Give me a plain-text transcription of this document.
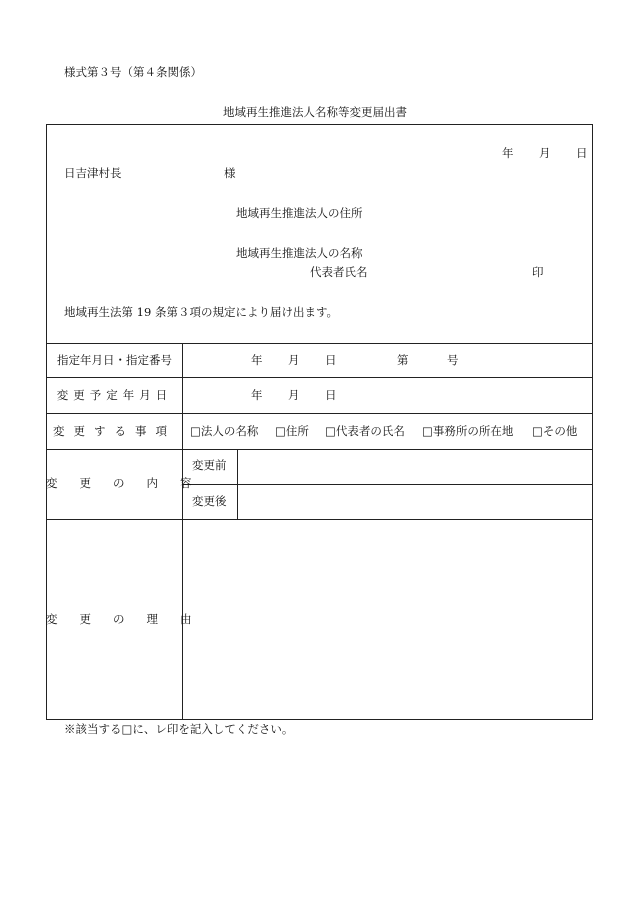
様式第３号（第４条関係）
地域再生推進法人名称等変更届出書
年 月 日
日吉津村長	様
地域再生推進法人の住所
地域再生推進法人の名称
代表者氏名	印
地域再生法第 19 条第３項の規定により届け出ます。
指定年月日・指定番号	年 月 日	第	号
変更予定年月日	年 月 日
変更する事項	□法人の名称 □住所 □代表者の氏名 □事務所の所在地 □その他
変更の内容
変更前
変更後
変更の理由
※該当する□に、レ印を記入してください。
